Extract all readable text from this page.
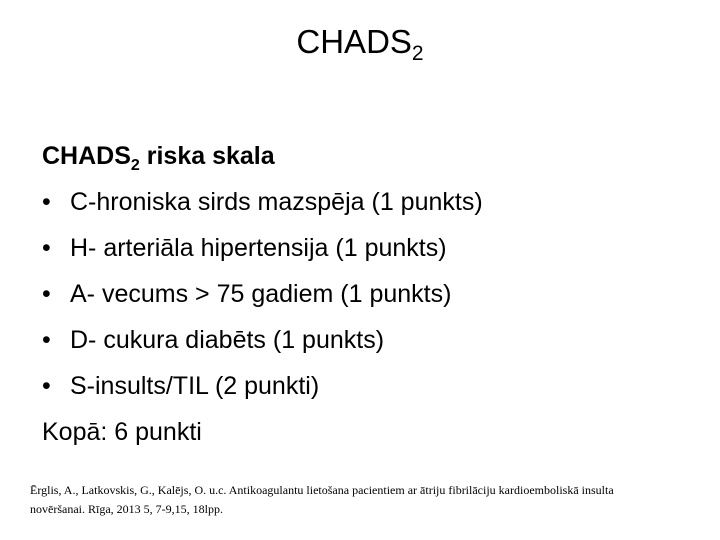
$CHADS_2$
$CHADS_2$ riska skala
• C-hroniska sirds mazspēja (1 punkts)
• H- arteriāla hipertensija (1 punkts)
• A- vecums > 75 gadiem (1 punkts)
• D- cukura diabēts (1 punkts)
• S-insults/TIL (2 punkti)
Kopā: 6 punkti
Ērglis, A., Latkovskis, G., Kalējs, O. u.c. Antikoagulantu lietošana pacientiem ar ātriju fibrilāciju kardioemboliskā insulta
novēršanai. Rīga, 2013 5, 7-9,15, 18lpp.
